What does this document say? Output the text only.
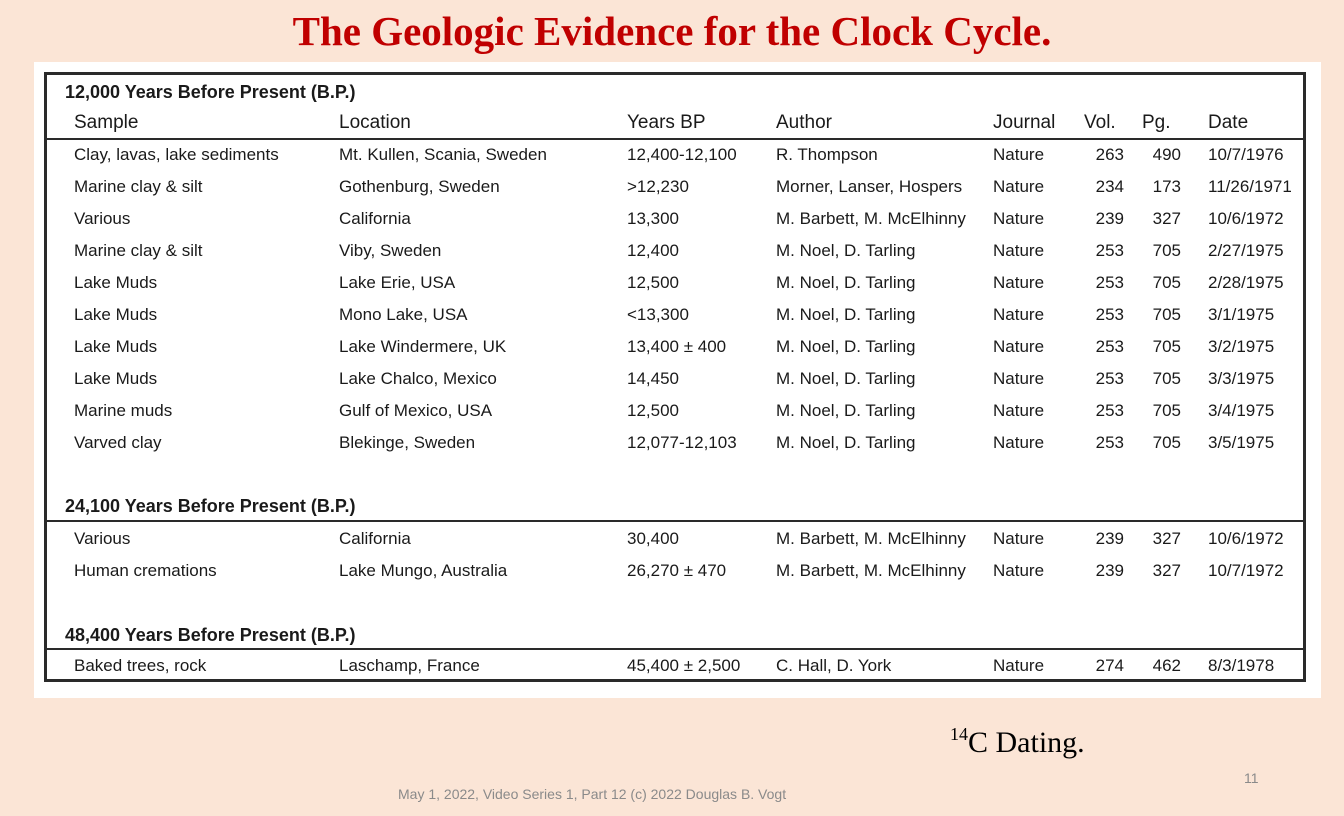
The Geologic Evidence for the Clock Cycle.
12,000 Years Before Present (B.P.)
Sample	Location	Years BP	Author	Journal Vol.	Pg.	Date
Clay, lavas, lake sediments	Mt. Kullen, Scania, Sweden	12,400-12,100 R. Thompson	Nature	263	490 10/7/1976
Marine clay & silt	Gothenburg, Sweden	>12,230	Morner, Lanser, Hospers Nature	234	173 11/26/1971
Various	California	13,300	M. Barbett, M. McElhinny Nature	239	327 10/6/1972
Marine clay & silt	Viby, Sweden	12,400	M. Noel, D. Tarling	Nature	253	705 2/27/1975
Lake Muds	Lake Erie, USA	12,500	M. Noel, D. Tarling	Nature	253	705 2/28/1975
Lake Muds	Mono Lake, USA	<13,300	M. Noel, D. Tarling	Nature	253	705 3/1/1975
Lake Muds	Lake Windermere, UK	13,400 ± 400	M. Noel, D. Tarling	Nature	253	705 3/2/1975
Lake Muds	Lake Chalco, Mexico	14,450	M. Noel, D. Tarling	Nature	253	705 3/3/1975
Marine muds	Gulf of Mexico, USA	12,500	M. Noel, D. Tarling	Nature	253	705 3/4/1975
Varved clay	Blekinge, Sweden	12,077-12,103 M. Noel, D. Tarling	Nature	253	705 3/5/1975
24,100 Years Before Present (B.P.)
Various	California	30,400	M. Barbett, M. McElhinny Nature	239	327 10/6/1972
Human cremations	Lake Mungo, Australia	26,270 ± 470	M. Barbett, M. McElhinny Nature	239	327 10/7/1972
48,400 Years Before Present (B.P.)
Baked trees, rock	Laschamp, France	45,400 ± 2,500 C. Hall, D. York	Nature	274	462 8/3/1978
$^{14}$C Dating.
May 1, 2022, Video Series 1, Part 12 (c) 2022 Douglas B. Vogt
11
